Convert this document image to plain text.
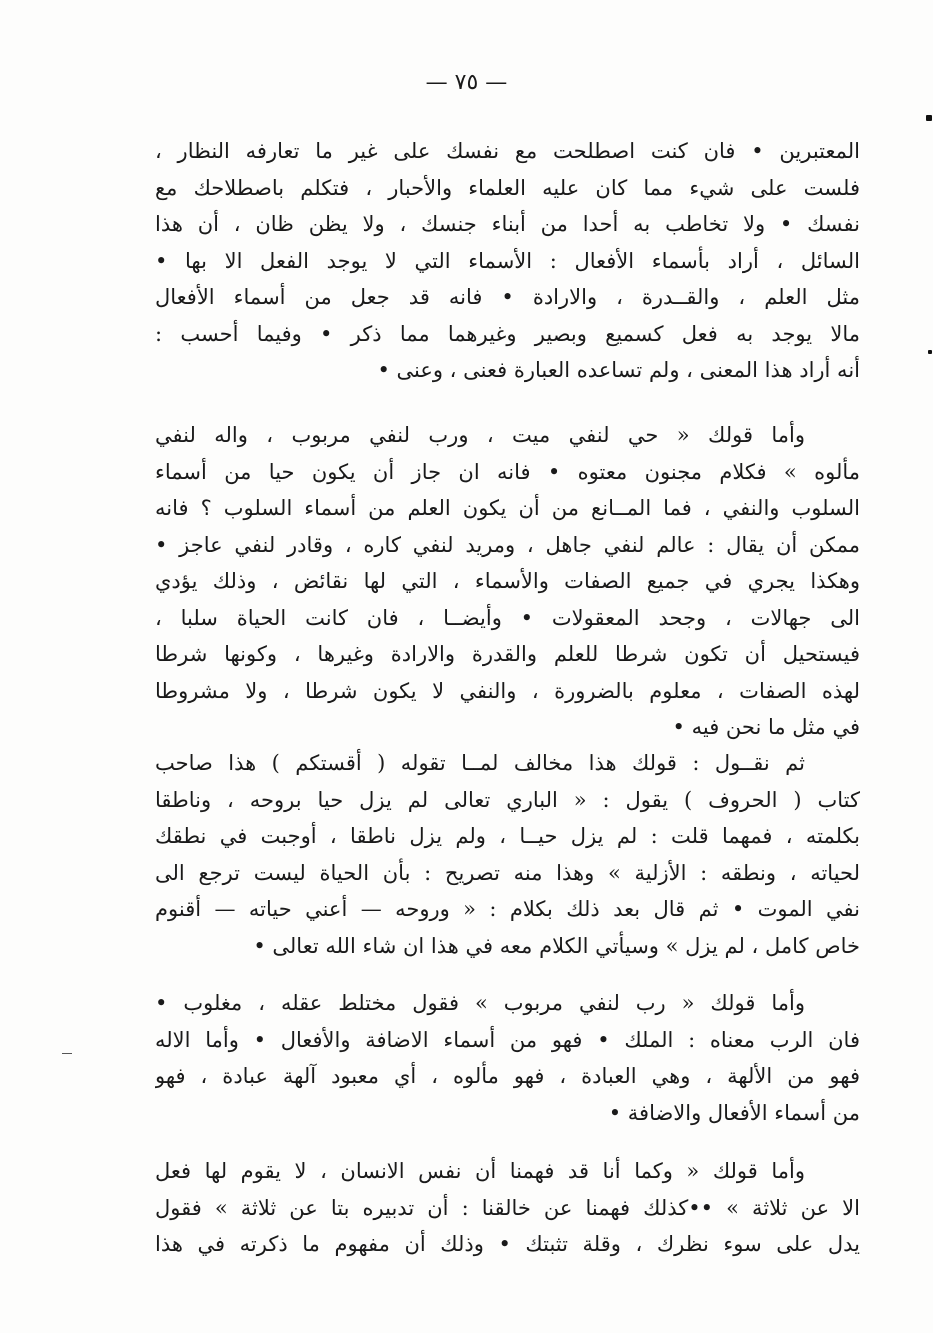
— ٧٥ —
المعتبرين • فان كنت اصطلحت مع نفسك على غير ما تعارفه النظار ،
فلست على شيء مما كان عليه العلماء والأحبار ، فتكلم باصطلاحك مع
نفسك • ولا تخاطب به أحدا من أبناء جنسك ، ولا يظن ظان ، أن هذا
السائل ، أراد بأسماء الأفعال : الأسماء التي لا يوجد الفعل الا بها •
مثل العلم ، والقــدرة ، والارادة • فانه قد جعل من أسماء الأفعال
مالا يوجد به فعل كسميع وبصير وغيرهما مما ذكر • وفيما أحسب :
أنه أراد هذا المعنى ، ولم تساعده العبارة فعنى ، وعنى •
وأما قولك « حي لنفي ميت ، ورب لنفي مربوب ، واله لنفي
مألوه » فكلام مجنون معتوه • فانه ان جاز أن يكون حيا من أسماء
السلوب والنفي ، فما المــانع من أن يكون العلم من أسماء السلوب ؟ فانه
ممكن أن يقال : عالم لنفي جاهل ، ومريد لنفي كاره ، وقادر لنفي عاجز •
وهكذا يجري في جميع الصفات والأسماء ، التي لها نقائض ، وذلك يؤدي
الى جهالات ، وجحد المعقولات • وأيضــا ، فان كانت الحياة سلبا ،
فيستحيل أن تكون شرطا للعلم والقدرة والارادة وغيرها ، وكونها شرطا
لهذه الصفات ، معلوم بالضرورة ، والنفي لا يكون شرطا ، ولا مشروطا
في مثل ما نحن فيه •
ثم نقــول : قولك هذا مخالف لمــا تقوله ( أقستكم ) هذا صاحب
كتاب ( الحروف ) يقول : « الباري تعالى لم يزل حيا بروحه ، وناطقا
بكلمته ، فمهما قلت : لم يزل حيــا ، ولم يزل ناطقا ، أوجبت في نطقك
لحياته ، ونطقه : الأزلية » وهذا منه تصريح : بأن الحياة ليست ترجع الى
نفي الموت • ثم قال بعد ذلك بكلام : « وروحه — أعني حياته — أقنوم
خاص كامل ، لم يزل » وسيأتي الكلام معه في هذا ان شاء الله تعالى •
وأما قولك « رب لنفي مربوب » فقول مختلط عقله ، مغلوب •
فان الرب معناه : الملك • فهو من أسماء الاضافة والأفعال • وأما الاله
فهو من الألهة ، وهي العبادة ، فهو مألوه ، أي معبود آلهة عبادة ، فهو
من أسماء الأفعال والاضافة •
وأما قولك « وكما أنا قد فهمنا أن نفس الانسان ، لا يقوم لها فعل
الا عن ثلاثة » ••كذلك فهمنا عن خالقنا : أن تدبيره بتا عن ثلاثة » فقول
يدل على سوء نظرك ، وقلة تثبتك • وذلك أن مفهوم ما ذكرته في هذا
